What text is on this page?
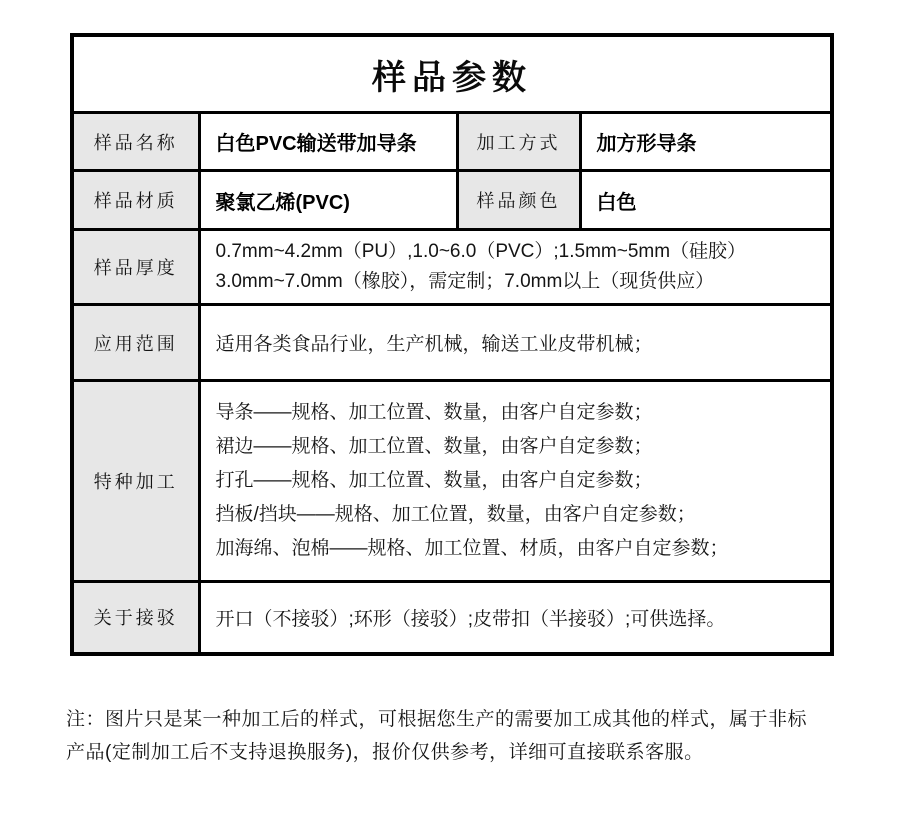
样品参数			
样品名称	白色PVC输送带加导条	加工方式	加方形导条
样品材质	聚氯乙烯(PVC)	样品颜色	白色
样品厚度	0.7mm~4.2mm（PU）,1.0~6.0（PVC）;1.5mm~5mm（硅胶）
3.0mm~7.0mm（橡胶），需定制；7.0mm以上（现货供应）		

应用范围	适用各类食品行业，生产机械，输送工业皮带机械；		
特种加工	导条——规格、加工位置、数量，由客户自定参数；
裙边——规格、加工位置、数量，由客户自定参数；
打孔——规格、加工位置、数量，由客户自定参数；
挡板/挡块——规格、加工位置，数量，由客户自定参数；
加海绵、泡棉——规格、加工位置、材质，由客户自定参数；		

关于接驳	开口（不接驳）;环形（接驳）;皮带扣（半接驳）;可供选择。		
注：图片只是某一种加工后的样式，可根据您生产的需要加工成其他的样式，属于非标
产品(定制加工后不支持退换服务)，报价仅供参考，详细可直接联系客服。
